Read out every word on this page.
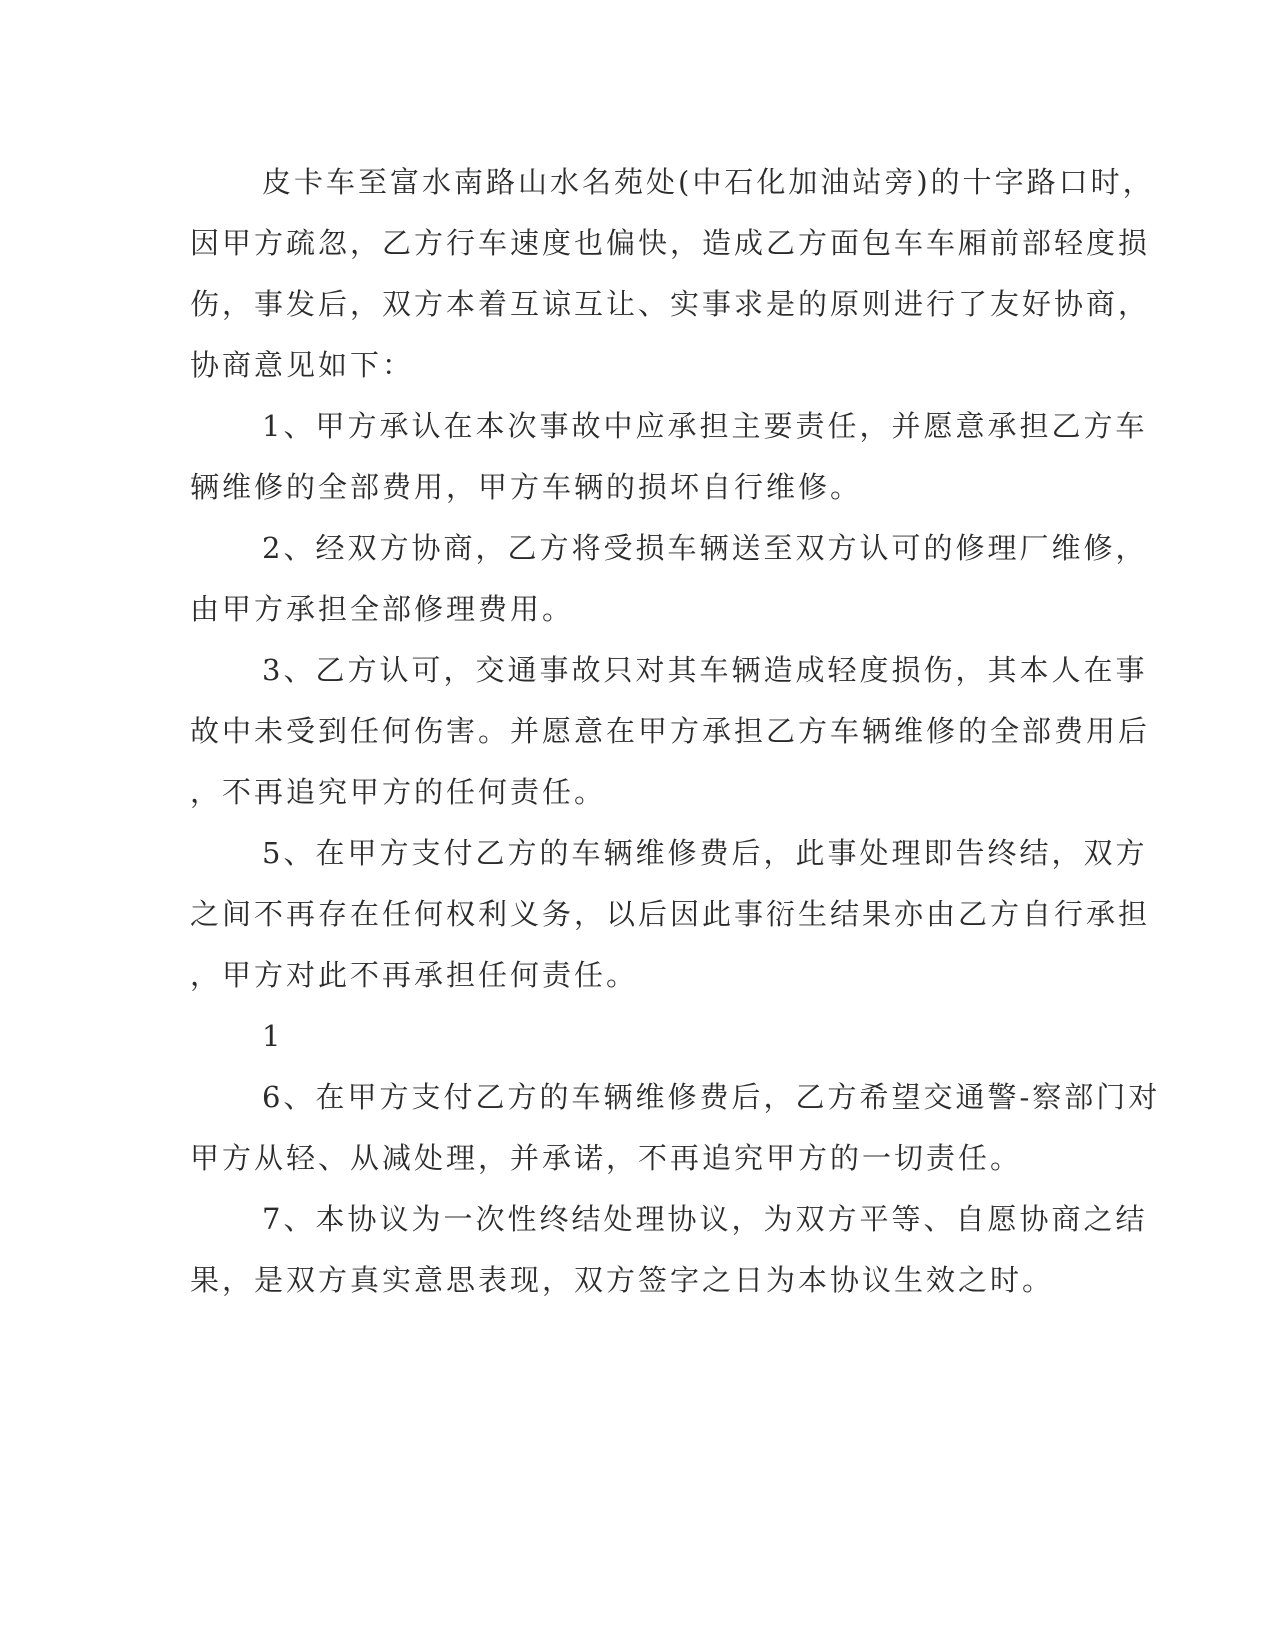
皮卡车至富水南路山水名苑处(中石化加油站旁)的十字路口时，
因甲方疏忽，乙方行车速度也偏快，造成乙方面包车车厢前部轻度损
伤，事发后，双方本着互谅互让、实事求是的原则进行了友好协商，
协商意见如下：
1、甲方承认在本次事故中应承担主要责任，并愿意承担乙方车
辆维修的全部费用，甲方车辆的损坏自行维修。
2、经双方协商，乙方将受损车辆送至双方认可的修理厂维修，
由甲方承担全部修理费用。
3、乙方认可，交通事故只对其车辆造成轻度损伤，其本人在事
故中未受到任何伤害。并愿意在甲方承担乙方车辆维修的全部费用后
，不再追究甲方的任何责任。
5、在甲方支付乙方的车辆维修费后，此事处理即告终结，双方
之间不再存在任何权利义务，以后因此事衍生结果亦由乙方自行承担
，甲方对此不再承担任何责任。
1
6、在甲方支付乙方的车辆维修费后，乙方希望交通警-察部门对
甲方从轻、从减处理，并承诺，不再追究甲方的一切责任。
7、本协议为一次性终结处理协议，为双方平等、自愿协商之结
果，是双方真实意思表现，双方签字之日为本协议生效之时。
